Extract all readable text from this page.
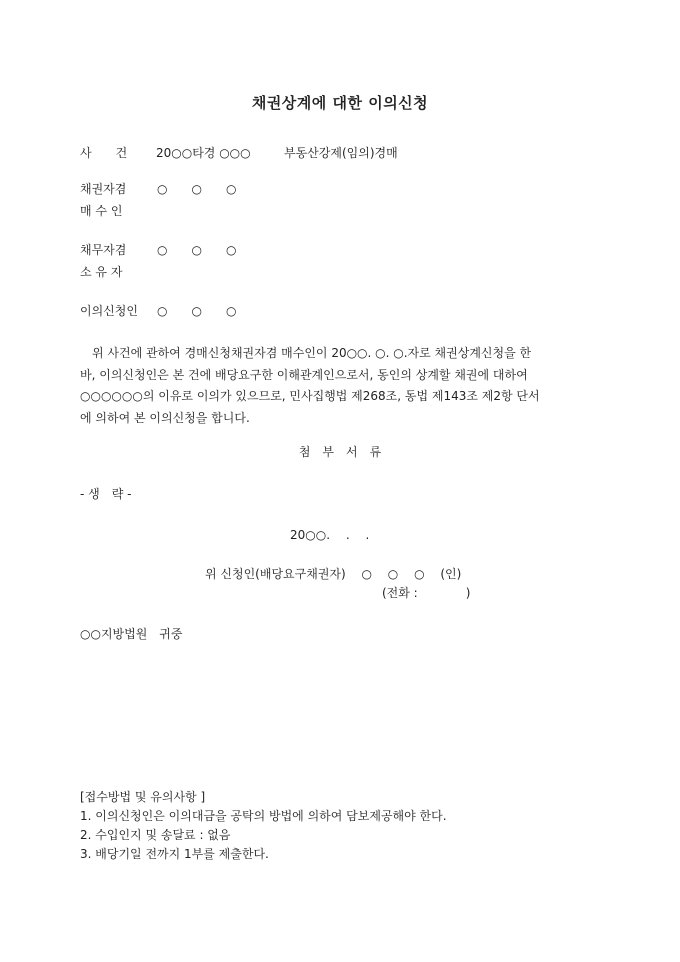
채권상계에 대한 이의신청
사　　건 20○○타경 ○○○	부동산강제(임의)경매
채권자겸
매 수 인
○　　○　　○
채무자겸
소 유 자
○　　○　　○
이의신청인 ○　　○　　○
　위 사건에 관하여 경매신청채권자겸 매수인이 20○○. ○. ○.자로 채권상계신청을 한
바, 이의신청인은 본 건에 배당요구한 이해관계인으로서, 동인의 상계할 채권에 대하여
○○○○○○의 이유로 이의가 있으므로, 민사집행법 제268조, 동법 제143조 제2항 단서
에 의하여 본 이의신청을 합니다.
첨　부　서　류
- 생　략 -
20○○.　 .　 .
위 신청인(배당요구채권자)　 ○　 ○　 ○　 (인)
(전화 :　　　　)
○○지방법원　귀중
[접수방법 및 유의사항 ]
1. 이의신청인은 이의대금을 공탁의 방법에 의하여 담보제공해야 한다.
2. 수입인지 및 송달료 : 없음
3. 배당기일 전까지 1부를 제출한다.
